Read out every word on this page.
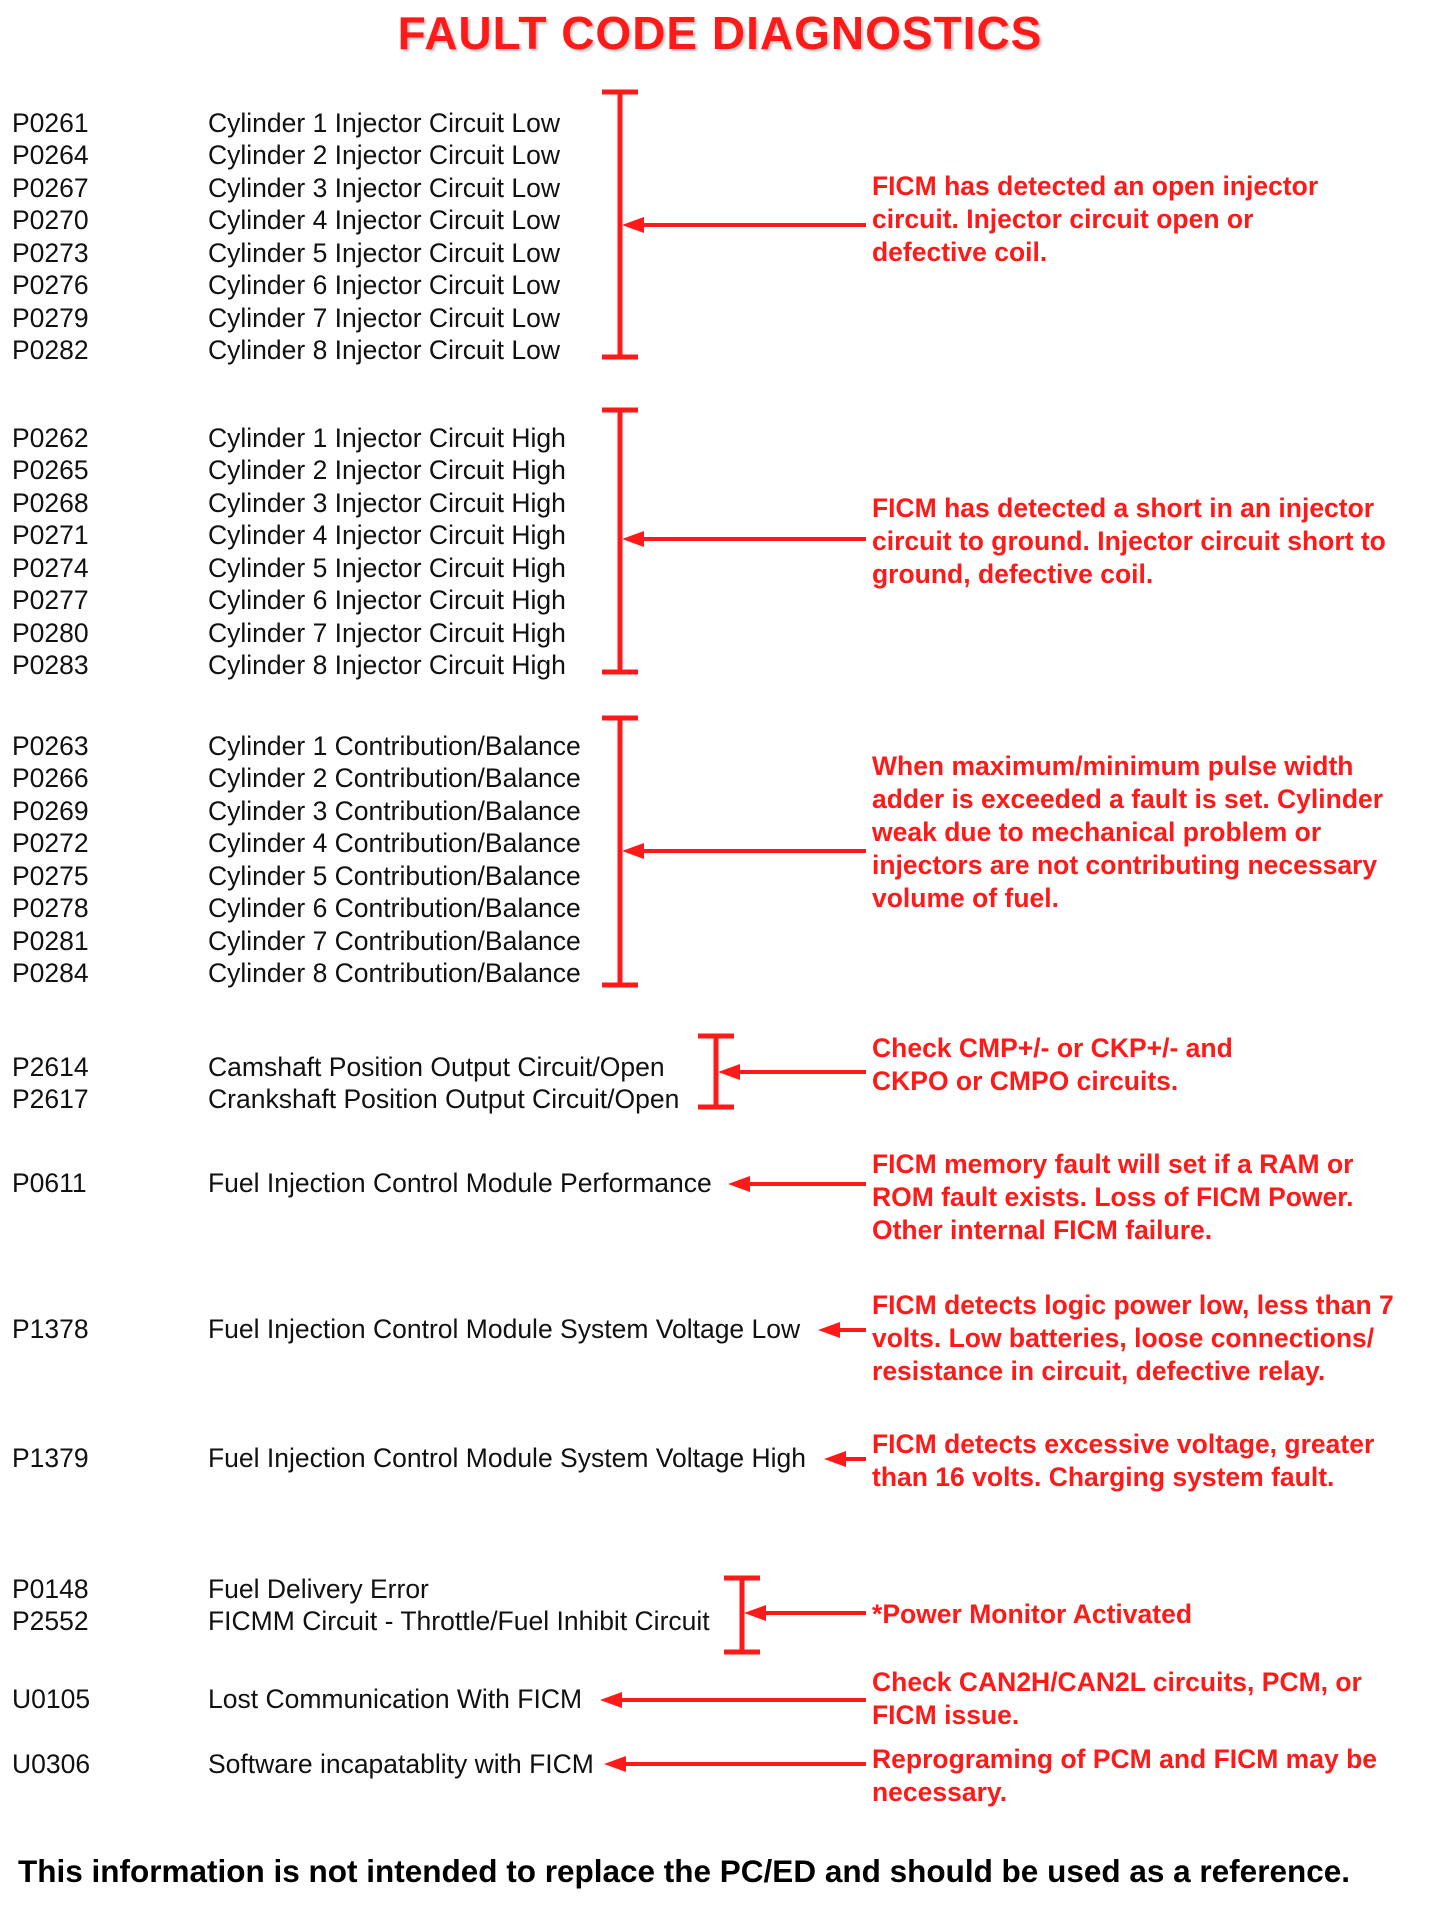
FAULT CODE DIAGNOSTICS
P0261	Cylinder 1 Injector Circuit Low
P0264	Cylinder 2 Injector Circuit Low
P0267	Cylinder 3 Injector Circuit Low
P0270	Cylinder 4 Injector Circuit Low
P0273	Cylinder 5 Injector Circuit Low
P0276	Cylinder 6 Injector Circuit Low
P0279	Cylinder 7 Injector Circuit Low
P0282	Cylinder 8 Injector Circuit Low
P0262	Cylinder 1 Injector Circuit High
P0265	Cylinder 2 Injector Circuit High
P0268	Cylinder 3 Injector Circuit High
P0271	Cylinder 4 Injector Circuit High
P0274	Cylinder 5 Injector Circuit High
P0277	Cylinder 6 Injector Circuit High
P0280	Cylinder 7 Injector Circuit High
P0283	Cylinder 8 Injector Circuit High
P0263	Cylinder 1 Contribution/Balance
P0266	Cylinder 2 Contribution/Balance
P0269	Cylinder 3 Contribution/Balance
P0272	Cylinder 4 Contribution/Balance
P0275	Cylinder 5 Contribution/Balance
P0278	Cylinder 6 Contribution/Balance
P0281	Cylinder 7 Contribution/Balance
P0284	Cylinder 8 Contribution/Balance
P2614	Camshaft Position Output Circuit/Open
P2617	Crankshaft Position Output Circuit/Open
P0611	Fuel Injection Control Module Performance
P1378	Fuel Injection Control Module System Voltage Low
P1379	Fuel Injection Control Module System Voltage High
P0148	Fuel Delivery Error
P2552	FICMM Circuit - Throttle/Fuel Inhibit Circuit
U0105	Lost Communication With FICM
U0306	Software incapatablity with FICM
FICM has detected an open injector
circuit. Injector circuit open or
defective coil.
FICM has detected a short in an injector
circuit to ground. Injector circuit short to
ground, defective coil.
When maximum/minimum pulse width
adder is exceeded a fault is set. Cylinder
weak due to mechanical problem or
injectors are not contributing necessary
volume of fuel.
Check CMP+/- or CKP+/- and
CKPO or CMPO circuits.
FICM memory fault will set if a RAM or
ROM fault exists. Loss of FICM Power.
Other internal FICM failure.
FICM detects logic power low, less than 7
volts. Low batteries, loose connections/
resistance in circuit, defective relay.
FICM detects excessive voltage, greater
than 16 volts. Charging system fault.
*Power Monitor Activated
Check CAN2H/CAN2L circuits, PCM, or
FICM issue.
Reprograming of PCM and FICM may be
necessary.
This information is not intended to replace the PC/ED and should be used as a reference.
